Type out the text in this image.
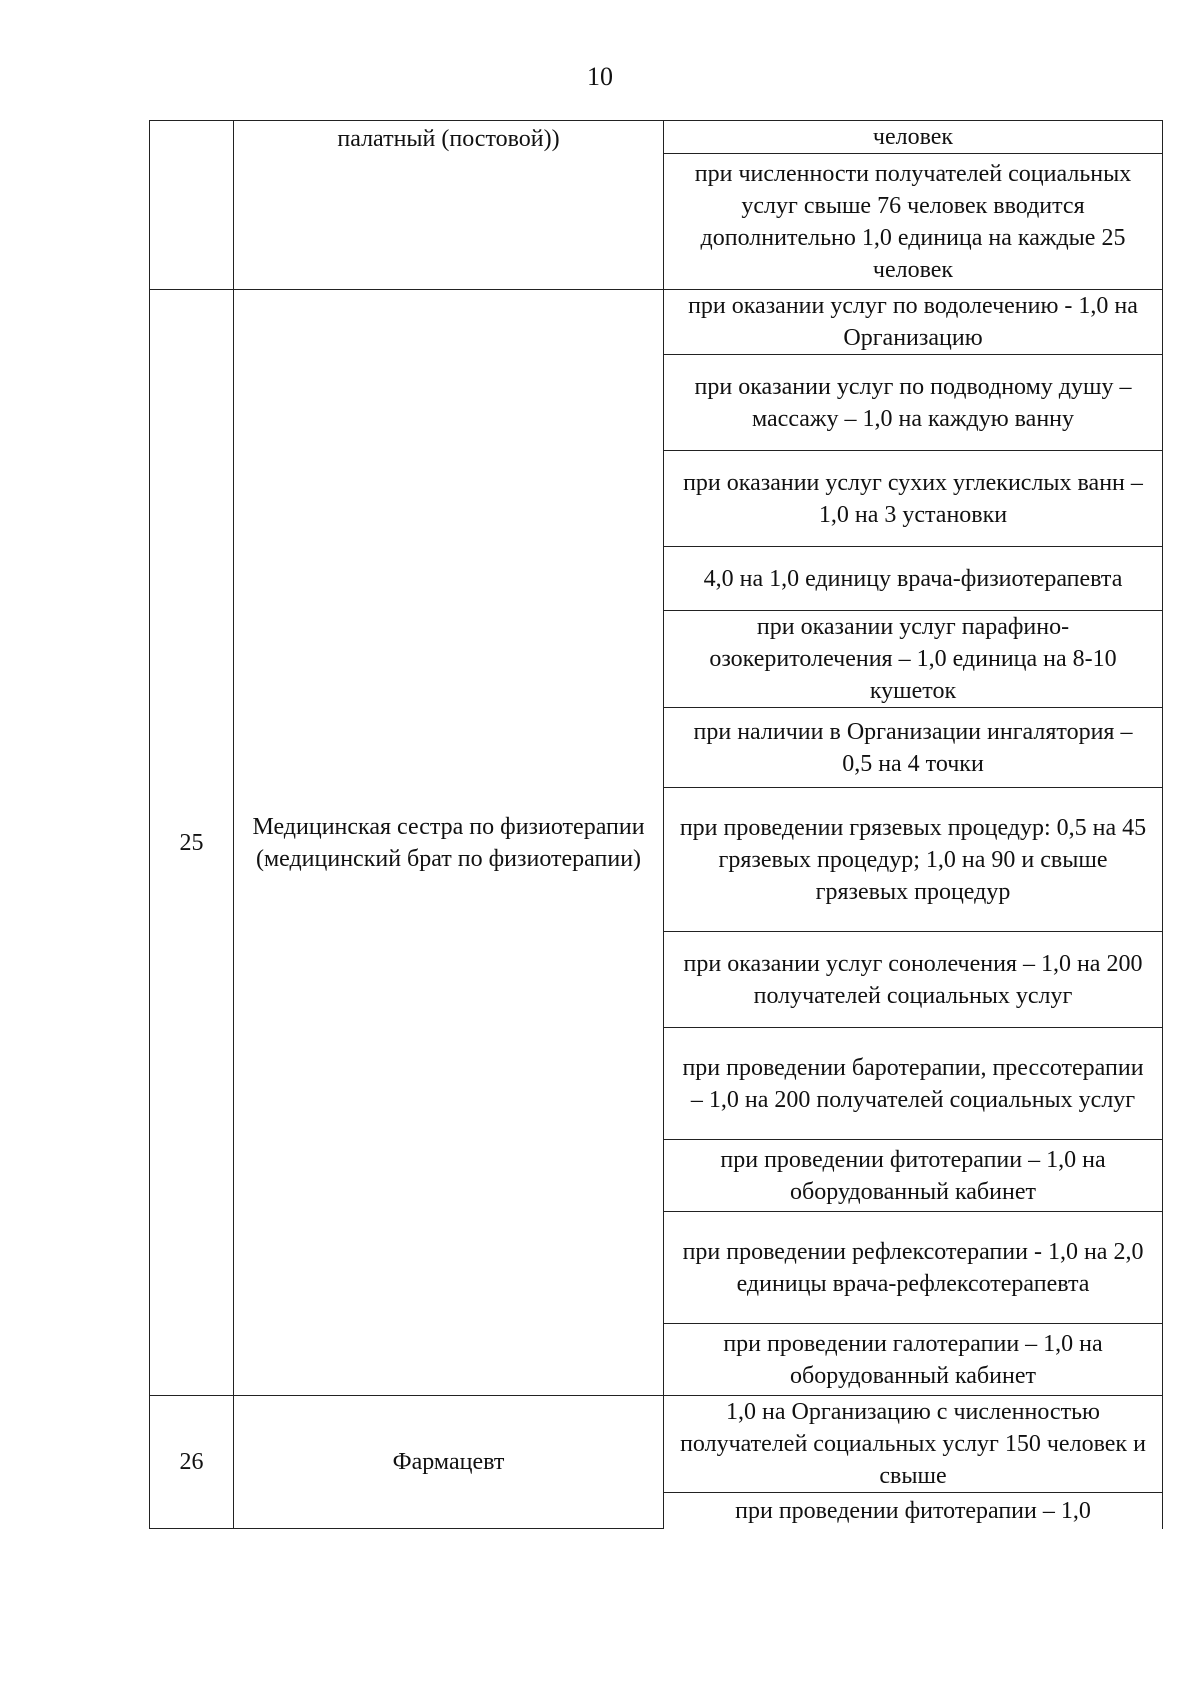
10
	палатный (постовой))	человек
		при численности получателей социальных услуг свыше 76 человек вводится дополнительно 1,0 единица на каждые 25 человек
25	Медицинская сестра по физиотерапии (медицинский брат по физиотерапии)	при оказании услуг по водолечению - 1,0 на Организацию
		при оказании услуг по подводному душу – массажу – 1,0 на каждую ванну
		при оказании услуг сухих углекислых ванн – 1,0 на 3 установки
		4,0 на 1,0 единицу врача-физиотерапевта
		при оказании услуг парафино-озокеритолечения – 1,0 единица на 8-10 кушеток
		при наличии в Организации ингалятория – 0,5 на 4 точки
		при проведении грязевых процедур: 0,5 на 45 грязевых процедур; 1,0 на 90 и свыше грязевых процедур
		при оказании услуг сонолечения – 1,0 на 200 получателей социальных услуг
		при проведении баротерапии, прессотерапии – 1,0 на 200 получателей социальных услуг
		при проведении фитотерапии – 1,0 на оборудованный кабинет
		при проведении рефлексотерапии - 1,0 на 2,0 единицы врача-рефлексотерапевта
		при проведении галотерапии – 1,0 на оборудованный кабинет
26	Фармацевт	1,0 на Организацию с численностью получателей социальных услуг 150 человек и свыше
		при проведении фитотерапии – 1,0
